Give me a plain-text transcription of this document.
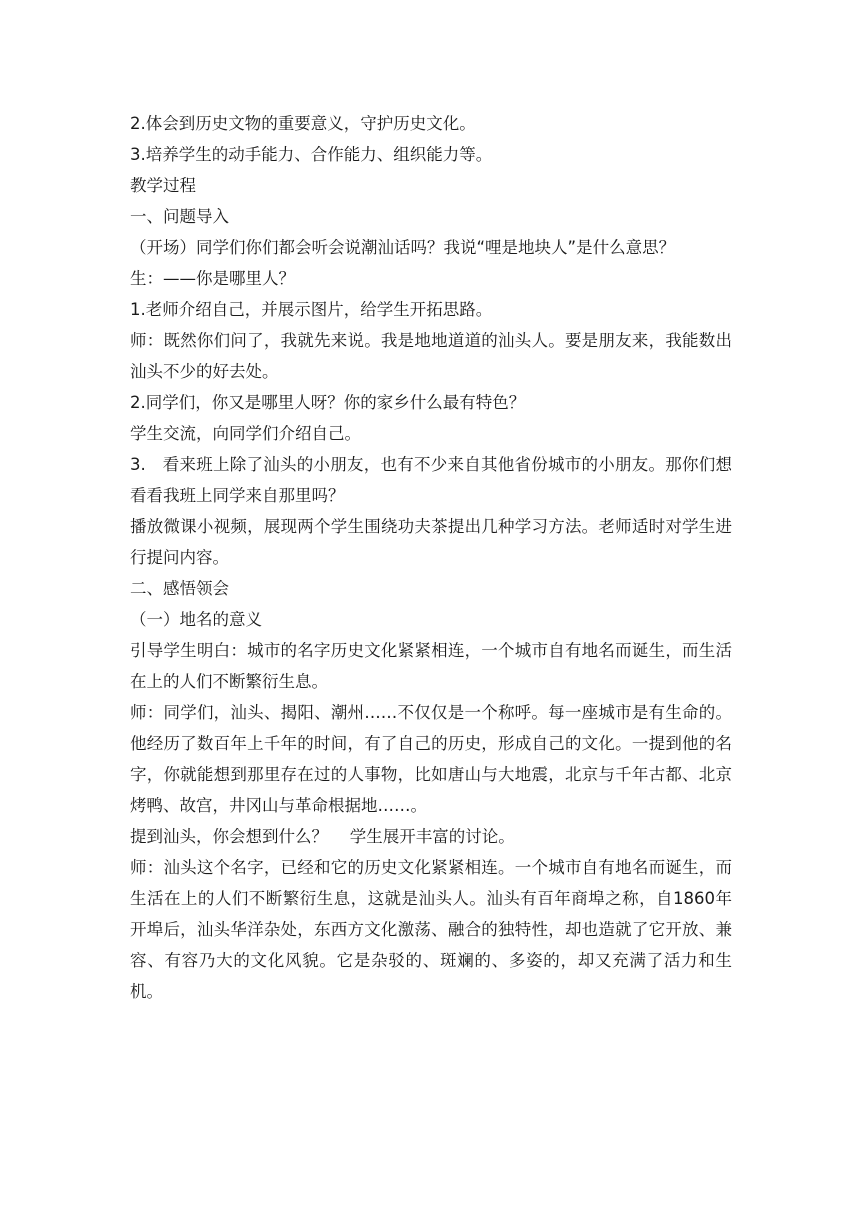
2.体会到历史文物的重要意义，守护历史文化。

3.培养学生的动手能力、合作能力、组织能力等。

教学过程

一、问题导入

（开场）同学们你们都会听会说潮汕话吗？我说“哩是地块人”是什么意思？

生：——你是哪里人？

1.老师介绍自己，并展示图片，给学生开拓思路。

师：既然你们问了，我就先来说。我是地地道道的汕头人。要是朋友来，我能数出汕头不少的好去处。

2.同学们，你又是哪里人呀？你的家乡什么最有特色？

学生交流，向同学们介绍自己。

3.　看来班上除了汕头的小朋友，也有不少来自其他省份城市的小朋友。那你们想看看我班上同学来自那里吗？

播放微课小视频，展现两个学生围绕功夫茶提出几种学习方法。老师适时对学生进行提问内容。

二、感悟领会

（一）地名的意义

引导学生明白：城市的名字历史文化紧紧相连，一个城市自有地名而诞生，而生活在上的人们不断繁衍生息。

师：同学们，汕头、揭阳、潮州……不仅仅是一个称呼。每一座城市是有生命的。他经历了数百年上千年的时间，有了自己的历史，形成自己的文化。一提到他的名字，你就能想到那里存在过的人事物，比如唐山与大地震，北京与千年古都、北京烤鸭、故宫，井冈山与革命根据地……。

提到汕头，你会想到什么？　 学生展开丰富的讨论。

师：汕头这个名字，已经和它的历史文化紧紧相连。一个城市自有地名而诞生，而生活在上的人们不断繁衍生息，这就是汕头人。汕头有百年商埠之称，自1860年开埠后，汕头华洋杂处，东西方文化激荡、融合的独特性，却也造就了它开放、兼容、有容乃大的文化风貌。它是杂驳的、斑斓的、多姿的，却又充满了活力和生机。
